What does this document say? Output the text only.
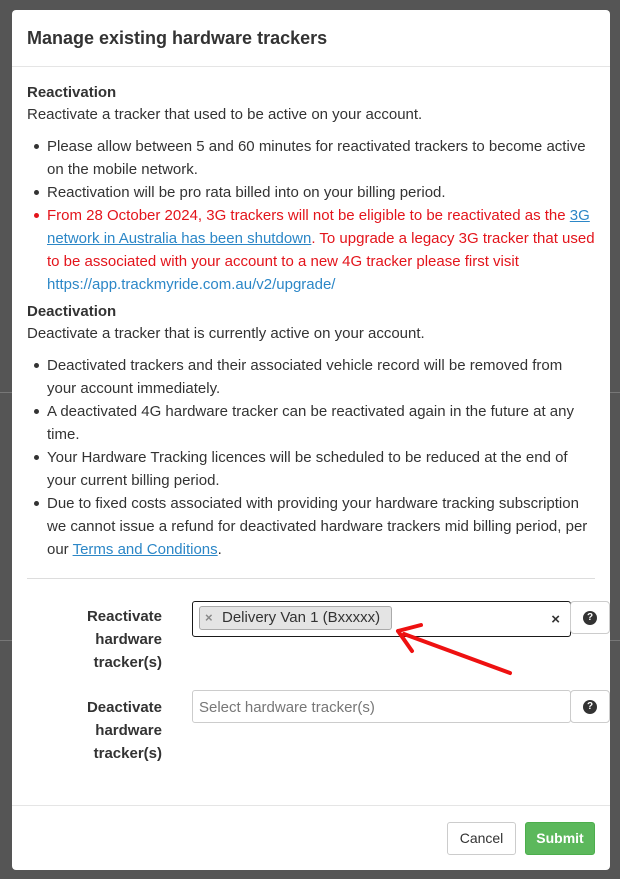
Manage existing hardware trackers
Reactivation

Reactivate a tracker that used to be active on your account.

Please allow between 5 and 60 minutes for reactivated trackers to become active on the mobile network.
Reactivation will be pro rata billed into on your billing period.
From 28 October 2024, 3G trackers will not be eligible to be reactivated as the 3G network in Australia has been shutdown. To upgrade a legacy 3G tracker that used to be associated with your account to a new 4G tracker please first visit https://app.trackmyride.com.au/v2/upgrade/
Deactivation

Deactivate a tracker that is currently active on your account.

Deactivated trackers and their associated vehicle record will be removed from your account immediately.
A deactivated 4G hardware tracker can be reactivated again in the future at any time.
Your Hardware Tracking licences will be scheduled to be reduced at the end of your current billing period.
Due to fixed costs associated with providing your hardware tracking subscription we cannot issue a refund for deactivated hardware trackers mid billing period, per our Terms and Conditions.
Reactivate
hardware
tracker(s)
× Delivery Van 1 (Bxxxxx)	×	?
Deactivate
hardware
tracker(s)
Select hardware tracker(s)	?
Cancel	Submit
